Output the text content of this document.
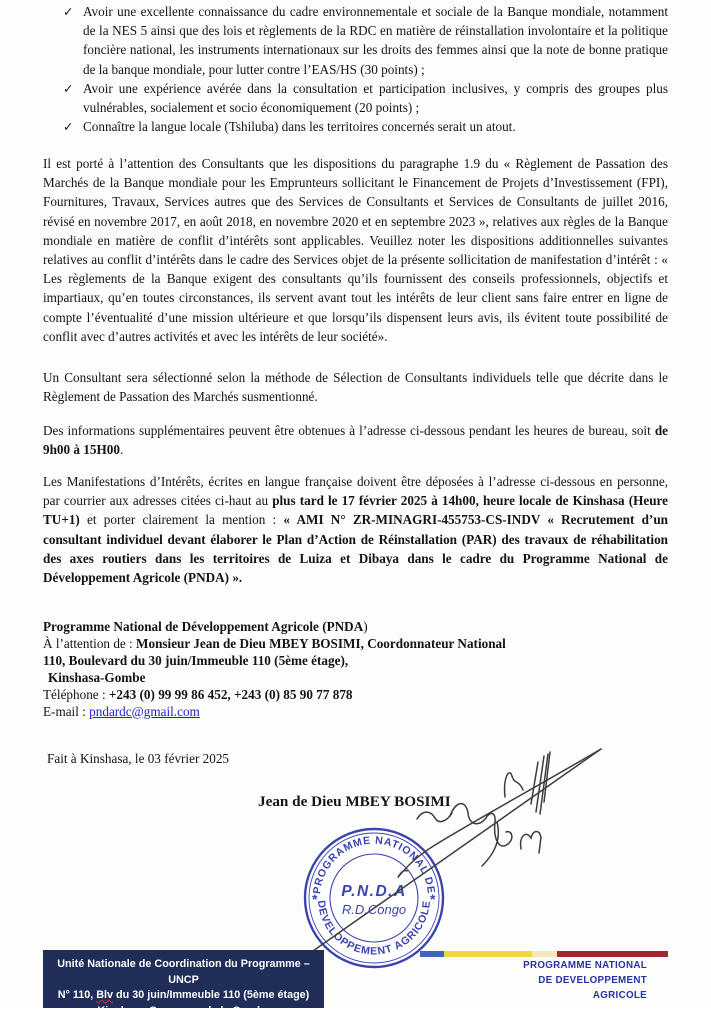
✓ Avoir une excellente connaissance du cadre environnementale et sociale de la Banque mondiale, notamment de la NES 5 ainsi que des lois et règlements de la RDC en matière de réinstallation involontaire et la politique foncière national, les instruments internationaux sur les droits des femmes ainsi que la note de bonne pratique de la banque mondiale, pour lutter contre l’EAS/HS (30 points) ;

✓ Avoir une expérience avérée dans la consultation et participation inclusives, y compris des groupes plus vulnérables, socialement et socio économiquement (20 points) ;

✓ Connaître la langue locale (Tshiluba) dans les territoires concernés serait un atout.

Il est porté à l’attention des Consultants que les dispositions du paragraphe 1.9 du « Règlement de Passation des Marchés de la Banque mondiale pour les Emprunteurs sollicitant le Financement de Projets d’Investissement (FPI), Fournitures, Travaux, Services autres que des Services de Consultants et Services de Consultants de juillet 2016, révisé en novembre 2017, en août 2018, en novembre 2020 et en septembre 2023 », relatives aux règles de la Banque mondiale en matière de conflit d’intérêts sont applicables. Veuillez noter les dispositions additionnelles suivantes relatives au conflit d’intérêts dans le cadre des Services objet de la présente sollicitation de manifestation d’intérêt : « Les règlements de la Banque exigent des consultants qu’ils fournissent des conseils professionnels, objectifs et impartiaux, qu’en toutes circonstances, ils servent avant tout les intérêts de leur client sans faire entrer en ligne de compte l’éventualité d’une mission ultérieure et que lorsqu’ils dispensent leurs avis, ils évitent toute possibilité de conflit avec d’autres activités et avec les intérêts de leur société».

Un Consultant sera sélectionné selon la méthode de Sélection de Consultants individuels telle que décrite dans le Règlement de Passation des Marchés susmentionné.

Des informations supplémentaires peuvent être obtenues à l’adresse ci-dessous pendant les heures de bureau, soit de 9h00 à 15H00.

Les Manifestations d’Intérêts, écrites en langue française doivent être déposées à l’adresse ci-dessous en personne, par courrier aux adresses citées ci-haut au plus tard le 17 février 2025 à 14h00, heure locale de Kinshasa (Heure TU+1) et porter clairement la mention : « AMI N° ZR-MINAGRI-455753-CS-INDV « Recrutement d’un consultant individuel devant élaborer le Plan d’Action de Réinstallation (PAR) des travaux de réhabilitation des axes routiers dans les territoires de Luiza et Dibaya dans le cadre du Programme National de Développement Agricole (PNDA) ».

Programme National de Développement Agricole (PNDA)

À l’attention de : Monsieur Jean de Dieu MBEY BOSIMI, Coordonnateur National

110, Boulevard du 30 juin/Immeuble 110 (5ème étage),

Kinshasa-Gombe

Téléphone : +243 (0) 99 99 86 452, +243 (0) 85 90 77 878

E-mail : pndardc@gmail.com

Fait à Kinshasa, le 03 février 2025

Jean de Dieu MBEY BOSIMI
PROGRAMME NATIONAL DE
DEVELOPPEMENT AGRICOLE
*	*
P.N.D.A
R.D.Congo

Unité Nationale de Coordination du Programme –UNCP

N° 110, Blv du 30 juin/Immeuble 110 (5ème étage)

Kinshasa-Commune de la Gombe

PROGRAMME NATIONAL

DE DEVELOPPEMENT

AGRICOLE
